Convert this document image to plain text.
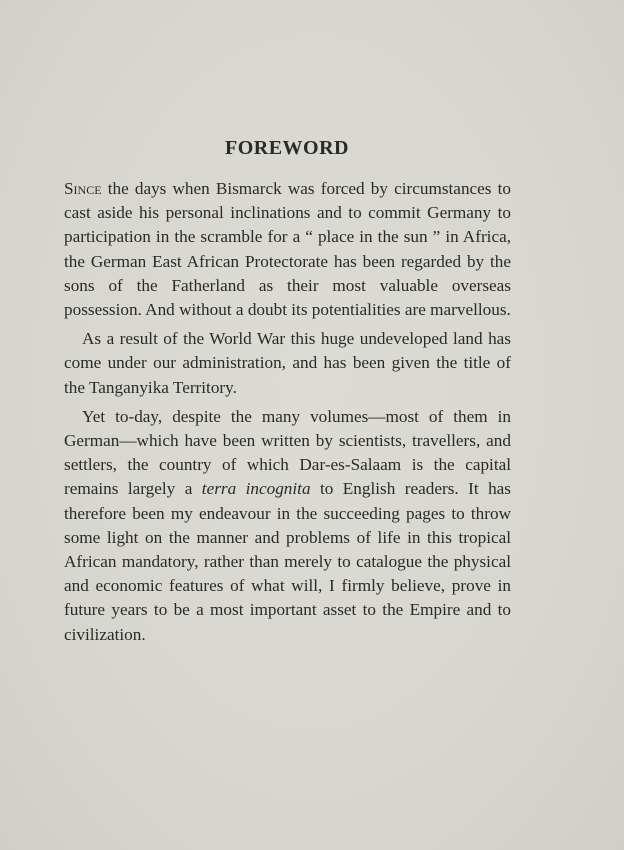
FOREWORD

Since the days when Bismarck was forced by circumstances to cast aside his personal inclinations and to commit Germany to participation in the scramble for a “ place in the sun ” in Africa, the German East African Protectorate has been regarded by the sons of the Fatherland as their most valuable overseas possession. And without a doubt its potentialities are marvellous.

As a result of the World War this huge undeveloped land has come under our administration, and has been given the title of the Tanganyika Territory.

Yet to-day, despite the many volumes—most of them in German—which have been written by scientists, travellers, and settlers, the country of which Dar-es-Salaam is the capital remains largely a terra incognita to English readers. It has therefore been my endeavour in the succeeding pages to throw some light on the manner and problems of life in this tropical African mandatory, rather than merely to catalogue the physical and economic features of what will, I firmly believe, prove in future years to be a most important asset to the Empire and to civilization.
